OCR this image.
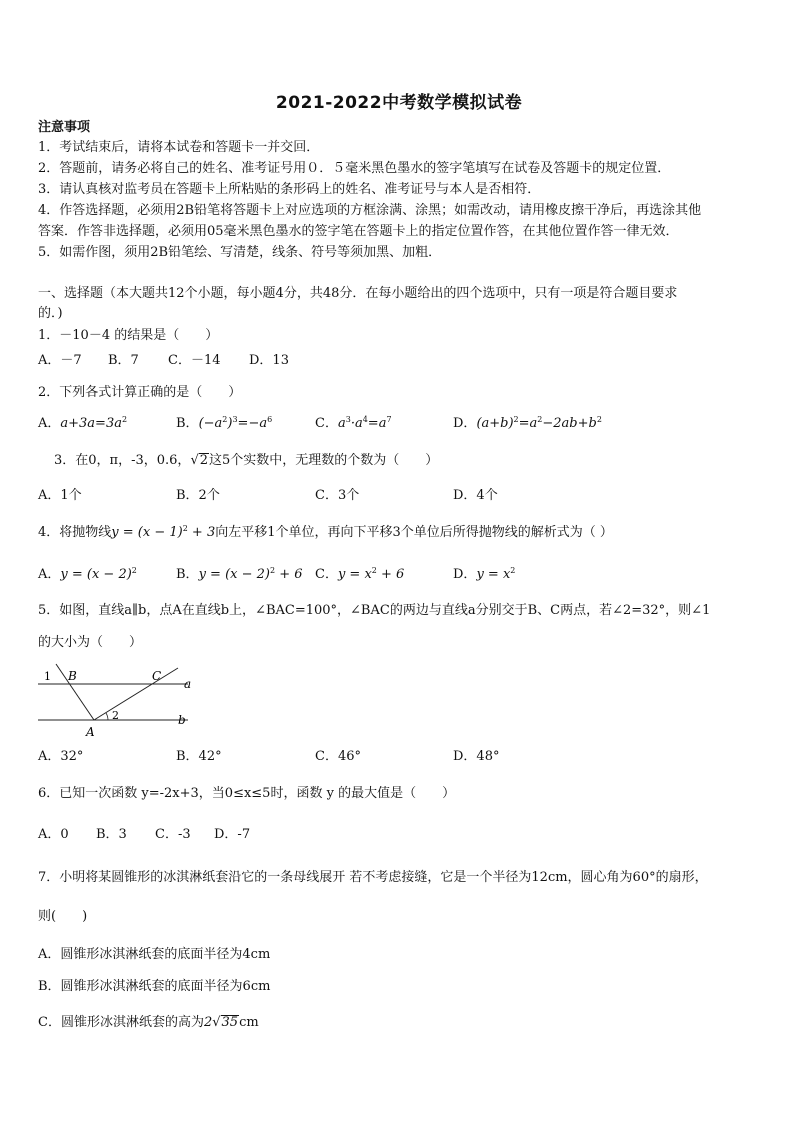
2021-2022中考数学模拟试卷
注意事项
1．考试结束后，请将本试卷和答题卡一并交回．
2．答题前，请务必将自己的姓名、准考证号用０．５毫米黑色墨水的签字笔填写在试卷及答题卡的规定位置．
3．请认真核对监考员在答题卡上所粘贴的条形码上的姓名、准考证号与本人是否相符．
4．作答选择题，必须用2B铅笔将答题卡上对应选项的方框涂满、涂黑；如需改动，请用橡皮擦干净后，再选涂其他
答案．作答非选择题，必须用05毫米黑色墨水的签字笔在答题卡上的指定位置作答，在其他位置作答一律无效．
5．如需作图，须用2B铅笔绘、写清楚，线条、符号等须加黑、加粗．
一、选择题（本大题共12个小题，每小题4分，共48分．在每小题给出的四个选项中，只有一项是符合题目要求
的．)
1．－10－4 的结果是（　　）
A．－7 B．7 C．－14 D．13
2．下列各式计算正确的是（　　）
A．$a+3a=3a^2$	B．$(-a^2)^3=-a^6$	C．$a^3\cdot a^4=a^7$	D．$(a+b)^2=a^2-2ab+b^2$
3．在0，π，-3，0.6，√2这5个实数中，无理数的个数为（　　）
A．1个	B．2个	C．3个	D．4个
4．将抛物线$y = (x - 1)^2 + 3$向左平移1个单位，再向下平移3个单位后所得抛物线的解析式为（ ）
A．$y = (x - 2)^2$	B．$y = (x - 2)^2 + 6$ C．$y = x^2 + 6$	D．$y = x^2$
5．如图，直线a∥b，点A在直线b上，∠BAC=100°，∠BAC的两边与直线a分别交于B、C两点，若∠2=32°，则∠1
的大小为（　　）
1 B	C
2
A
a
b
A．32°	B．42°	C．46°	D．48°
6．已知一次函数 y=-2x+3，当0≤x≤5时，函数 y 的最大值是（　　）
A．0 B．3 C．-3 D．-7
7．小明将某圆锥形的冰淇淋纸套沿它的一条母线展开 若不考虑接缝，它是一个半径为12cm，圆心角为60°的扇形，
则(　　)
A．圆锥形冰淇淋纸套的底面半径为4cm
B．圆锥形冰淇淋纸套的底面半径为6cm
C．圆锥形冰淇淋纸套的高为2√35cm
